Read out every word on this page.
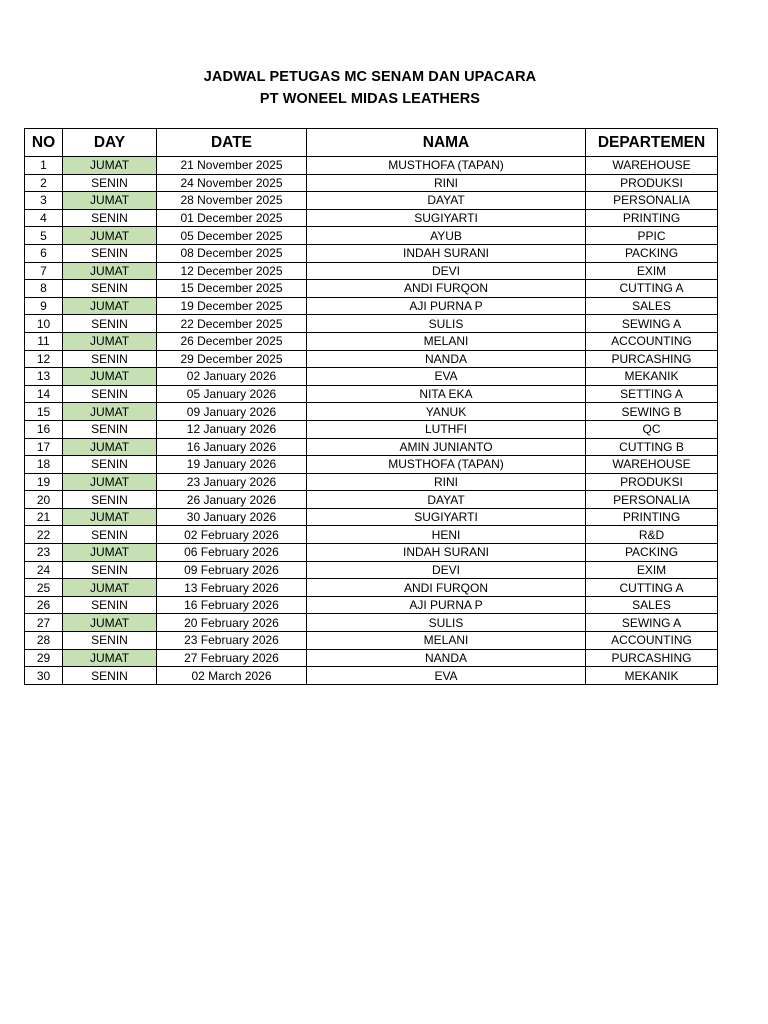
JADWAL PETUGAS MC SENAM DAN UPACARA
PT WONEEL MIDAS LEATHERS
NO	DAY	DATE	NAMA	DEPARTEMEN
1	JUMAT	21 November 2025	MUSTHOFA (TAPAN)	WAREHOUSE
2	SENIN	24 November 2025	RINI	PRODUKSI
3	JUMAT	28 November 2025	DAYAT	PERSONALIA
4	SENIN	01 December 2025	SUGIYARTI	PRINTING
5	JUMAT	05 December 2025	AYUB	PPIC
6	SENIN	08 December 2025	INDAH SURANI	PACKING
7	JUMAT	12 December 2025	DEVI	EXIM
8	SENIN	15 December 2025	ANDI FURQON	CUTTING A
9	JUMAT	19 December 2025	AJI PURNA P	SALES
10	SENIN	22 December 2025	SULIS	SEWING A
11	JUMAT	26 December 2025	MELANI	ACCOUNTING
12	SENIN	29 December 2025	NANDA	PURCASHING
13	JUMAT	02 January 2026	EVA	MEKANIK
14	SENIN	05 January 2026	NITA EKA	SETTING A
15	JUMAT	09 January 2026	YANUK	SEWING B
16	SENIN	12 January 2026	LUTHFI	QC
17	JUMAT	16 January 2026	AMIN JUNIANTO	CUTTING B
18	SENIN	19 January 2026	MUSTHOFA (TAPAN)	WAREHOUSE
19	JUMAT	23 January 2026	RINI	PRODUKSI
20	SENIN	26 January 2026	DAYAT	PERSONALIA
21	JUMAT	30 January 2026	SUGIYARTI	PRINTING
22	SENIN	02 February 2026	HENI	R&D
23	JUMAT	06 February 2026	INDAH SURANI	PACKING
24	SENIN	09 February 2026	DEVI	EXIM
25	JUMAT	13 February 2026	ANDI FURQON	CUTTING A
26	SENIN	16 February 2026	AJI PURNA P	SALES
27	JUMAT	20 February 2026	SULIS	SEWING A
28	SENIN	23 February 2026	MELANI	ACCOUNTING
29	JUMAT	27 February 2026	NANDA	PURCASHING
30	SENIN	02 March 2026	EVA	MEKANIK
